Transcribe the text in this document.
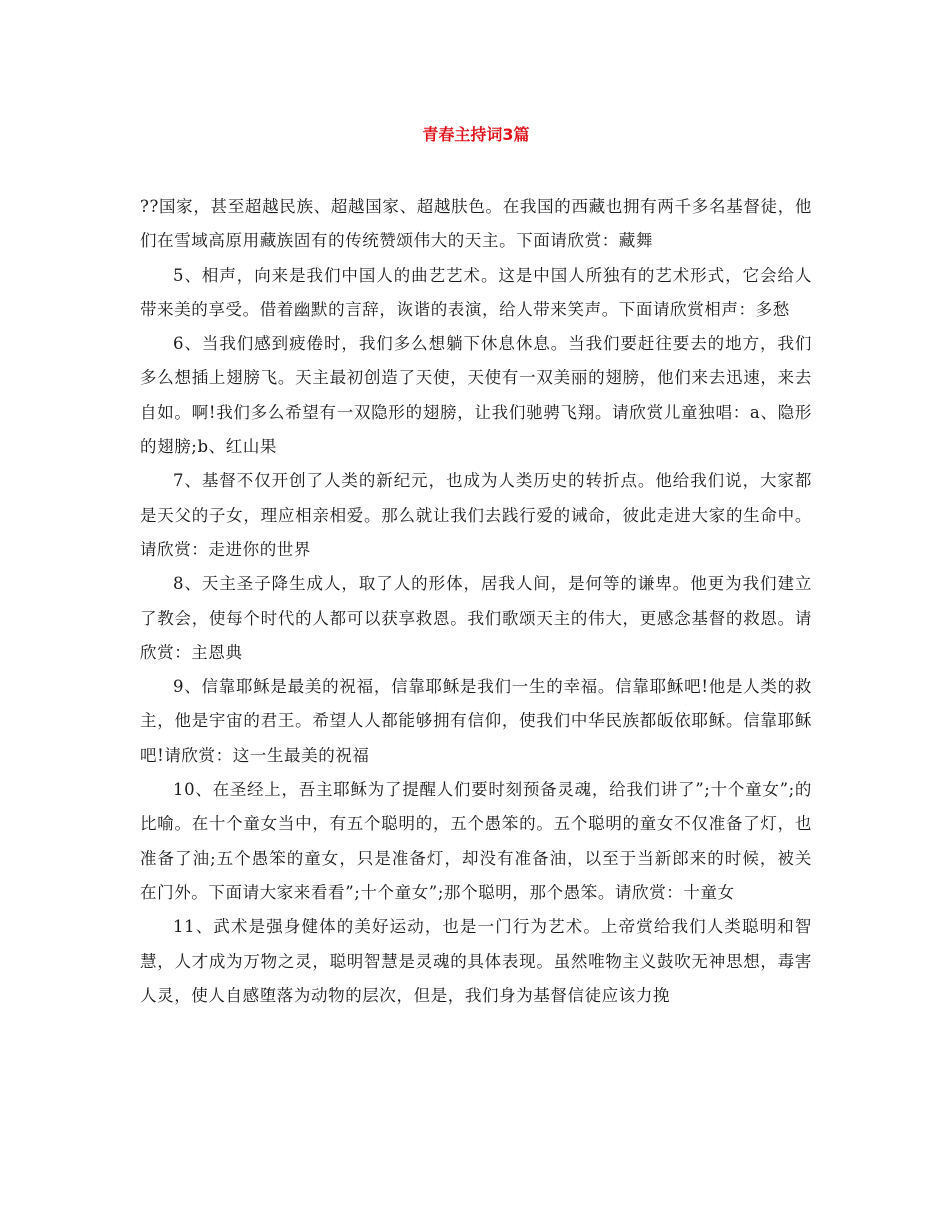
青春主持词3篇

??国家，甚至超越民族、超越国家、超越肤色。在我国的西藏也拥有两千多名基督徒，他们在雪域高原用藏族固有的传统赞颂伟大的天主。下面请欣赏：藏舞

5、相声，向来是我们中国人的曲艺艺术。这是中国人所独有的艺术形式，它会给人带来美的享受。借着幽默的言辞，诙谐的表演，给人带来笑声。下面请欣赏相声：多愁

6、当我们感到疲倦时，我们多么想躺下休息休息。当我们要赶往要去的地方，我们多么想插上翅膀飞。天主最初创造了天使，天使有一双美丽的翅膀，他们来去迅速，来去自如。啊!我们多么希望有一双隐形的翅膀，让我们驰骋飞翔。请欣赏儿童独唱：a、隐形的翅膀;b、红山果

7、基督不仅开创了人类的新纪元，也成为人类历史的转折点。他给我们说，大家都是天父的子女，理应相亲相爱。那么就让我们去践行爱的诫命，彼此走进大家的生命中。请欣赏：走进你的世界

8、天主圣子降生成人，取了人的形体，居我人间，是何等的谦卑。他更为我们建立了教会，使每个时代的人都可以获享救恩。我们歌颂天主的伟大，更感念基督的救恩。请欣赏：主恩典

9、信靠耶稣是最美的祝福，信靠耶稣是我们一生的幸福。信靠耶稣吧!他是人类的救主，他是宇宙的君王。希望人人都能够拥有信仰，使我们中华民族都皈依耶稣。信靠耶稣吧!请欣赏：这一生最美的祝福

10、在圣经上，吾主耶稣为了提醒人们要时刻预备灵魂，给我们讲了”;十个童女”;的比喻。在十个童女当中，有五个聪明的，五个愚笨的。五个聪明的童女不仅准备了灯，也准备了油;五个愚笨的童女，只是准备灯，却没有准备油，以至于当新郎来的时候，被关在门外。下面请大家来看看”;十个童女”;那个聪明，那个愚笨。请欣赏：十童女

11、武术是强身健体的美好运动，也是一门行为艺术。上帝赏给我们人类聪明和智慧，人才成为万物之灵，聪明智慧是灵魂的具体表现。虽然唯物主义鼓吹无神思想，毒害人灵，使人自感堕落为动物的层次，但是，我们身为基督信徒应该力挽
